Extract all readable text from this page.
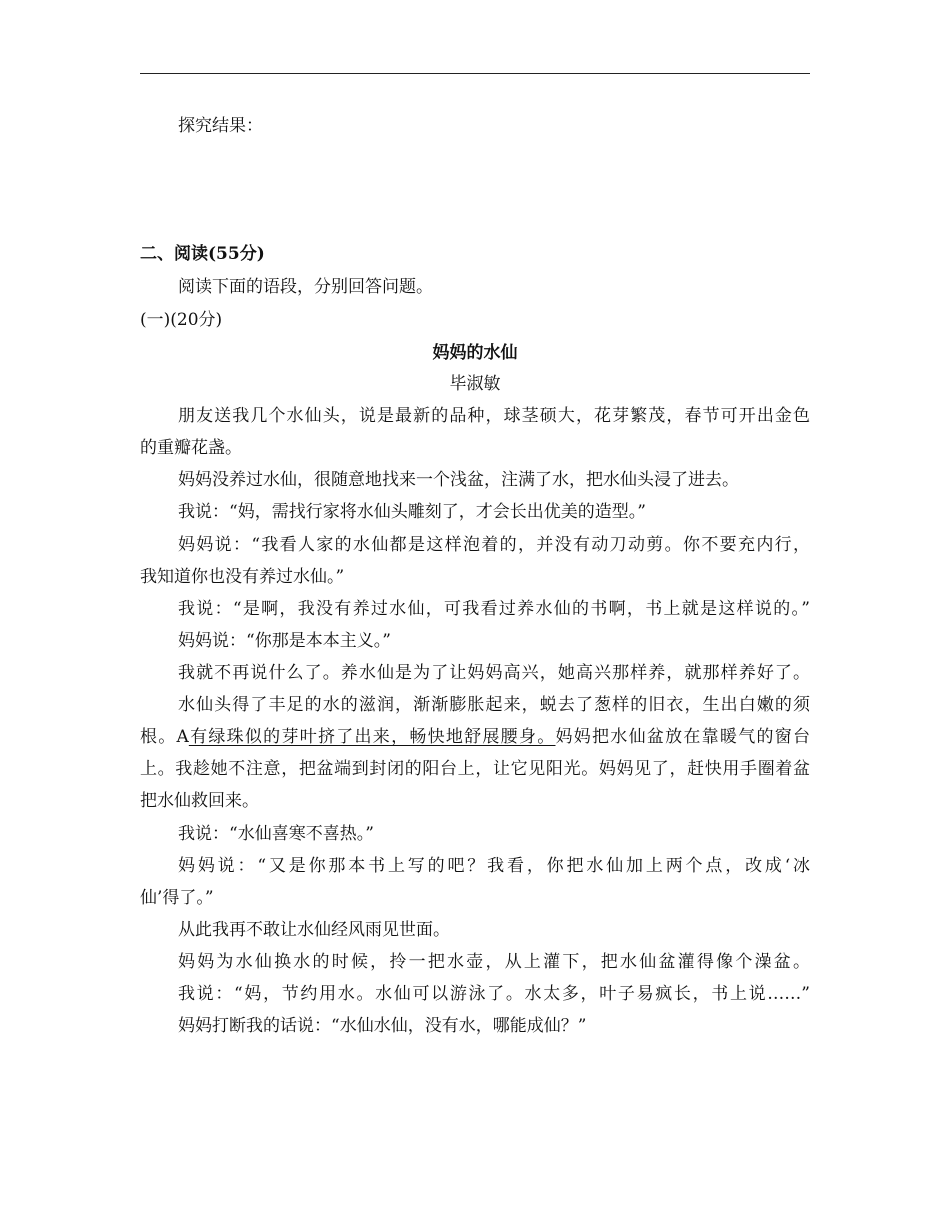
探究结果：
二、阅读(55分)
阅读下面的语段，分别回答问题。
(一)(20分)
妈妈的水仙
毕淑敏
朋友送我几个水仙头，说是最新的品种，球茎硕大，花芽繁茂，春节可开出金色
的重瓣花盏。
妈妈没养过水仙，很随意地找来一个浅盆，注满了水，把水仙头浸了进去。
我说：“妈，需找行家将水仙头雕刻了，才会长出优美的造型。”
妈妈说：“我看人家的水仙都是这样泡着的，并没有动刀动剪。你不要充内行，
我知道你也没有养过水仙。”
我说：“是啊，我没有养过水仙，可我看过养水仙的书啊，书上就是这样说的。”
妈妈说：“你那是本本主义。”
我就不再说什么了。养水仙是为了让妈妈高兴，她高兴那样养，就那样养好了。
水仙头得了丰足的水的滋润，渐渐膨胀起来，蜕去了葱样的旧衣，生出白嫩的须
根。A有绿珠似的芽叶挤了出来，畅快地舒展腰身。妈妈把水仙盆放在靠暖气的窗台
上。我趁她不注意，把盆端到封闭的阳台上，让它见阳光。妈妈见了，赶快用手圈着盆
把水仙救回来。
我说：“水仙喜寒不喜热。”
妈妈说：“又是你那本书上写的吧？我看，你把水仙加上两个点，改成‘冰
仙’得了。”
从此我再不敢让水仙经风雨见世面。
妈妈为水仙换水的时候，拎一把水壶，从上灌下，把水仙盆灌得像个澡盆。
我说：“妈，节约用水。水仙可以游泳了。水太多，叶子易疯长，书上说……”
妈妈打断我的话说：“水仙水仙，没有水，哪能成仙？”
